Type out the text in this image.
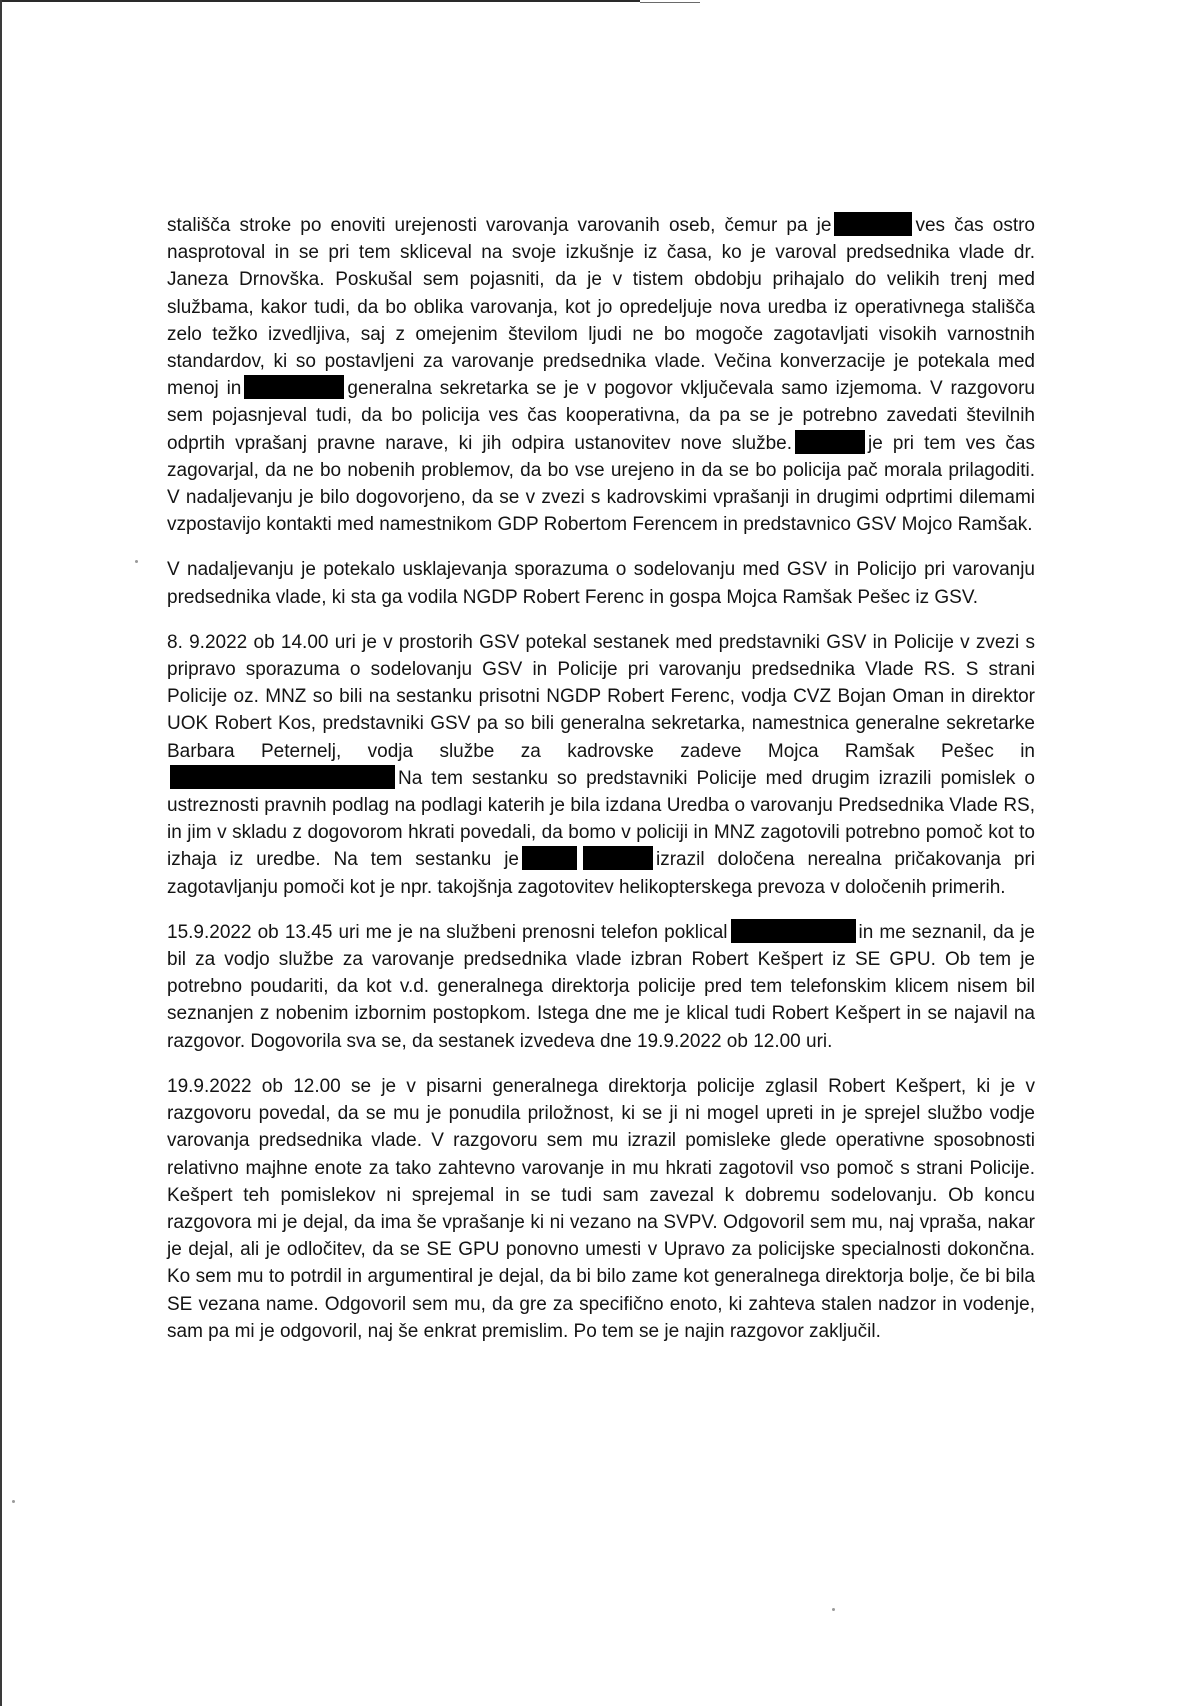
stališča stroke po enoviti urejenosti varovanja varovanih oseb, čemur pa je	ves čas ostro nasprotoval in se pri tem skliceval na svoje izkušnje iz časa, ko je varoval predsednika vlade dr. Janeza Drnovška. Poskušal sem pojasniti, da je v tistem obdobju prihajalo do velikih trenj med službama, kakor tudi, da bo oblika varovanja, kot jo opredeljuje nova uredba iz operativnega stališča zelo težko izvedljiva, saj z omejenim številom ljudi ne bo mogoče zagotavljati visokih varnostnih standardov, ki so postavljeni za varovanje predsednika vlade. Večina konverzacije je potekala med menoj in	generalna sekretarka se je v pogovor vključevala samo izjemoma. V razgovoru sem pojasnjeval tudi, da bo policija ves čas kooperativna, da pa se je potrebno zavedati številnih odprtih vprašanj pravne narave, ki jih odpira ustanovitev nove službe.	je pri tem ves čas zagovarjal, da ne bo nobenih problemov, da bo vse urejeno in da se bo policija pač morala prilagoditi. V nadaljevanju je bilo dogovorjeno, da se v zvezi s kadrovskimi vprašanji in drugimi odprtimi dilemami vzpostavijo kontakti med namestnikom GDP Robertom Ferencem in predstavnico GSV Mojco Ramšak.

V nadaljevanju je potekalo usklajevanja sporazuma o sodelovanju med GSV in Policijo pri varovanju predsednika vlade, ki sta ga vodila NGDP Robert Ferenc in gospa Mojca Ramšak Pešec iz GSV.

8. 9.2022 ob 14.00 uri je v prostorih GSV potekal sestanek med predstavniki GSV in Policije v zvezi s pripravo sporazuma o sodelovanju GSV in Policije pri varovanju predsednika Vlade RS. S strani Policije oz. MNZ so bili na sestanku prisotni NGDP Robert Ferenc, vodja CVZ Bojan Oman in direktor UOK Robert Kos, predstavniki GSV pa so bili generalna sekretarka, namestnica generalne sekretarke Barbara Peternelj, vodja službe za kadrovske zadeve Mojca Ramšak Pešec inNa tem sestanku so predstavniki Policije med drugim izrazili pomislek o ustreznosti pravnih podlag na podlagi katerih je bila izdana Uredba o varovanju Predsednika Vlade RS, in jim v skladu z dogovorom hkrati povedali, da bomo v policiji in MNZ zagotovili potrebno pomoč kot to izhaja iz uredbe. Na tem sestanku je	izrazil določena nerealna pričakovanja pri zagotavljanju pomoči kot je npr. takojšnja zagotovitev helikopterskega prevoza v določenih primerih.

15.9.2022 ob 13.45 uri me je na službeni prenosni telefon poklical	in me seznanil, da je bil za vodjo službe za varovanje predsednika vlade izbran Robert Kešpert iz SE GPU. Ob tem je potrebno poudariti, da kot v.d. generalnega direktorja policije pred tem telefonskim klicem nisem bil seznanjen z nobenim izbornim postopkom. Istega dne me je klical tudi Robert Kešpert in se najavil na razgovor. Dogovorila sva se, da sestanek izvedeva dne 19.9.2022 ob 12.00 uri.

19.9.2022 ob 12.00 se je v pisarni generalnega direktorja policije zglasil Robert Kešpert, ki je v razgovoru povedal, da se mu je ponudila priložnost, ki se ji ni mogel upreti in je sprejel službo vodje varovanja predsednika vlade. V razgovoru sem mu izrazil pomisleke glede operativne sposobnosti relativno majhne enote za tako zahtevno varovanje in mu hkrati zagotovil vso pomoč s strani Policije. Kešpert teh pomislekov ni sprejemal in se tudi sam zavezal k dobremu sodelovanju. Ob koncu razgovora mi je dejal, da ima še vprašanje ki ni vezano na SVPV. Odgovoril sem mu, naj vpraša, nakar je dejal, ali je odločitev, da se SE GPU ponovno umesti v Upravo za policijske specialnosti dokončna. Ko sem mu to potrdil in argumentiral je dejal, da bi bilo zame kot generalnega direktorja bolje, če bi bila SE vezana name. Odgovoril sem mu, da gre za specifično enoto, ki zahteva stalen nadzor in vodenje, sam pa mi je odgovoril, naj še enkrat premislim. Po tem se je najin razgovor zaključil.
